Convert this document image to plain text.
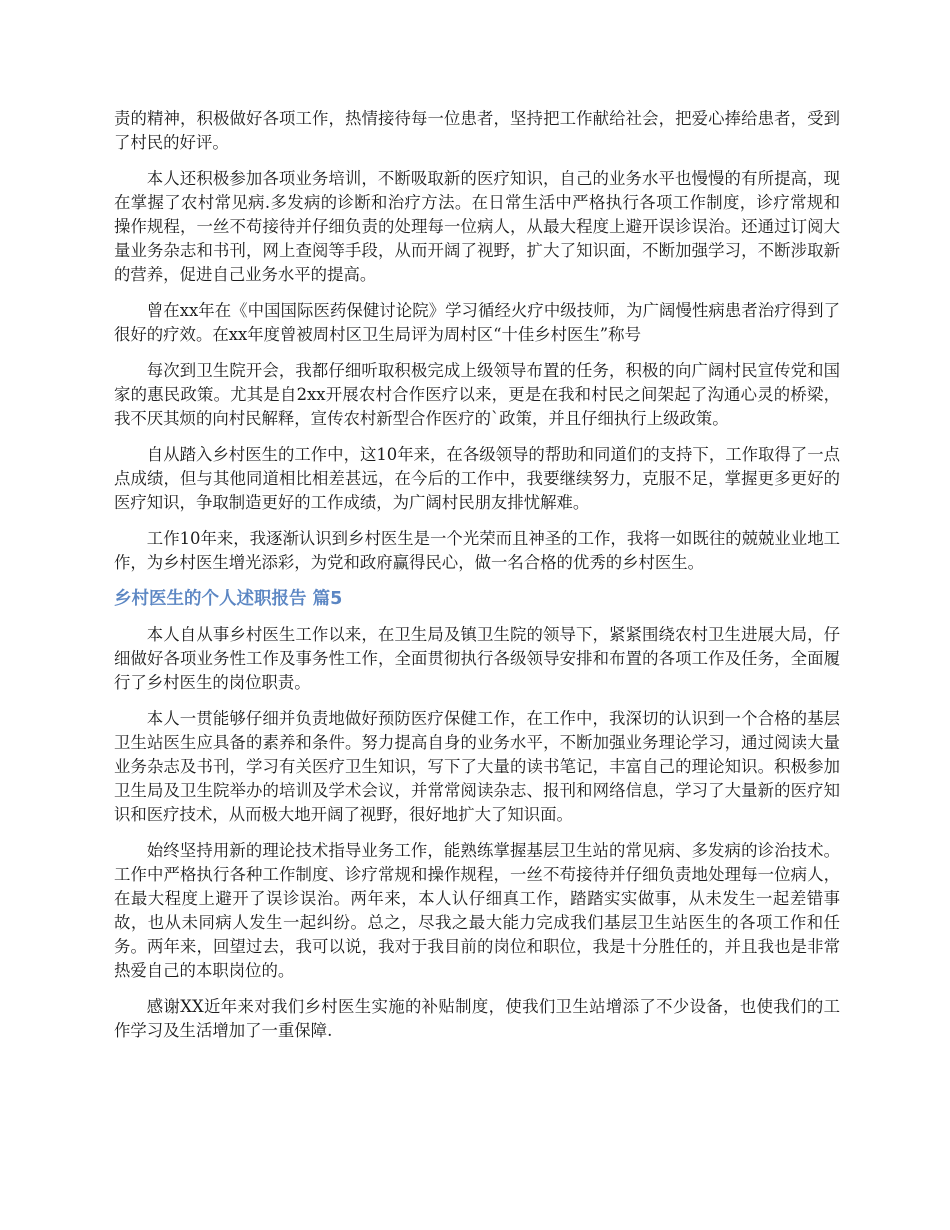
责的精神，积极做好各项工作，热情接待每一位患者，坚持把工作献给社会，把爱心捧给患者，受到了村民的好评。

本人还积极参加各项业务培训，不断吸取新的医疗知识，自己的业务水平也慢慢的有所提高，现在掌握了农村常见病.多发病的诊断和治疗方法。在日常生活中严格执行各项工作制度，诊疗常规和操作规程，一丝不苟接待并仔细负责的处理每一位病人，从最大程度上避开误诊误治。还通过订阅大量业务杂志和书刊，网上查阅等手段，从而开阔了视野，扩大了知识面，不断加强学习，不断涉取新的营养，促进自己业务水平的提高。

曾在xx年在《中国国际医药保健讨论院》学习循经火疗中级技师，为广阔慢性病患者治疗得到了很好的疗效。在xx年度曾被周村区卫生局评为周村区“十佳乡村医生”称号

每次到卫生院开会，我都仔细听取积极完成上级领导布置的任务，积极的向广阔村民宣传党和国家的惠民政策。尤其是自2xx开展农村合作医疗以来，更是在我和村民之间架起了沟通心灵的桥梁，我不厌其烦的向村民解释，宣传农村新型合作医疗的`政策，并且仔细执行上级政策。

自从踏入乡村医生的工作中，这10年来，在各级领导的帮助和同道们的支持下，工作取得了一点点成绩，但与其他同道相比相差甚远，在今后的工作中，我要继续努力，克服不足，掌握更多更好的医疗知识，争取制造更好的工作成绩，为广阔村民朋友排忧解难。

工作10年来，我逐渐认识到乡村医生是一个光荣而且神圣的工作，我将一如既往的兢兢业业地工作，为乡村医生增光添彩，为党和政府赢得民心，做一名合格的优秀的乡村医生。

乡村医生的个人述职报告 篇5

本人自从事乡村医生工作以来，在卫生局及镇卫生院的领导下，紧紧围绕农村卫生进展大局，仔细做好各项业务性工作及事务性工作，全面贯彻执行各级领导安排和布置的各项工作及任务，全面履行了乡村医生的岗位职责。

本人一贯能够仔细并负责地做好预防医疗保健工作，在工作中，我深切的认识到一个合格的基层卫生站医生应具备的素养和条件。努力提高自身的业务水平，不断加强业务理论学习，通过阅读大量业务杂志及书刊，学习有关医疗卫生知识，写下了大量的读书笔记，丰富自己的理论知识。积极参加卫生局及卫生院举办的培训及学术会议，并常常阅读杂志、报刊和网络信息，学习了大量新的医疗知识和医疗技术，从而极大地开阔了视野，很好地扩大了知识面。

始终坚持用新的理论技术指导业务工作，能熟练掌握基层卫生站的常见病、多发病的诊治技术。工作中严格执行各种工作制度、诊疗常规和操作规程，一丝不苟接待并仔细负责地处理每一位病人，在最大程度上避开了误诊误治。两年来，本人认仔细真工作，踏踏实实做事，从未发生一起差错事故，也从未同病人发生一起纠纷。总之，尽我之最大能力完成我们基层卫生站医生的各项工作和任务。两年来，回望过去，我可以说，我对于我目前的岗位和职位，我是十分胜任的，并且我也是非常热爱自己的本职岗位的。

感谢XX近年来对我们乡村医生实施的补贴制度，使我们卫生站增添了不少设备，也使我们的工作学习及生活增加了一重保障.
